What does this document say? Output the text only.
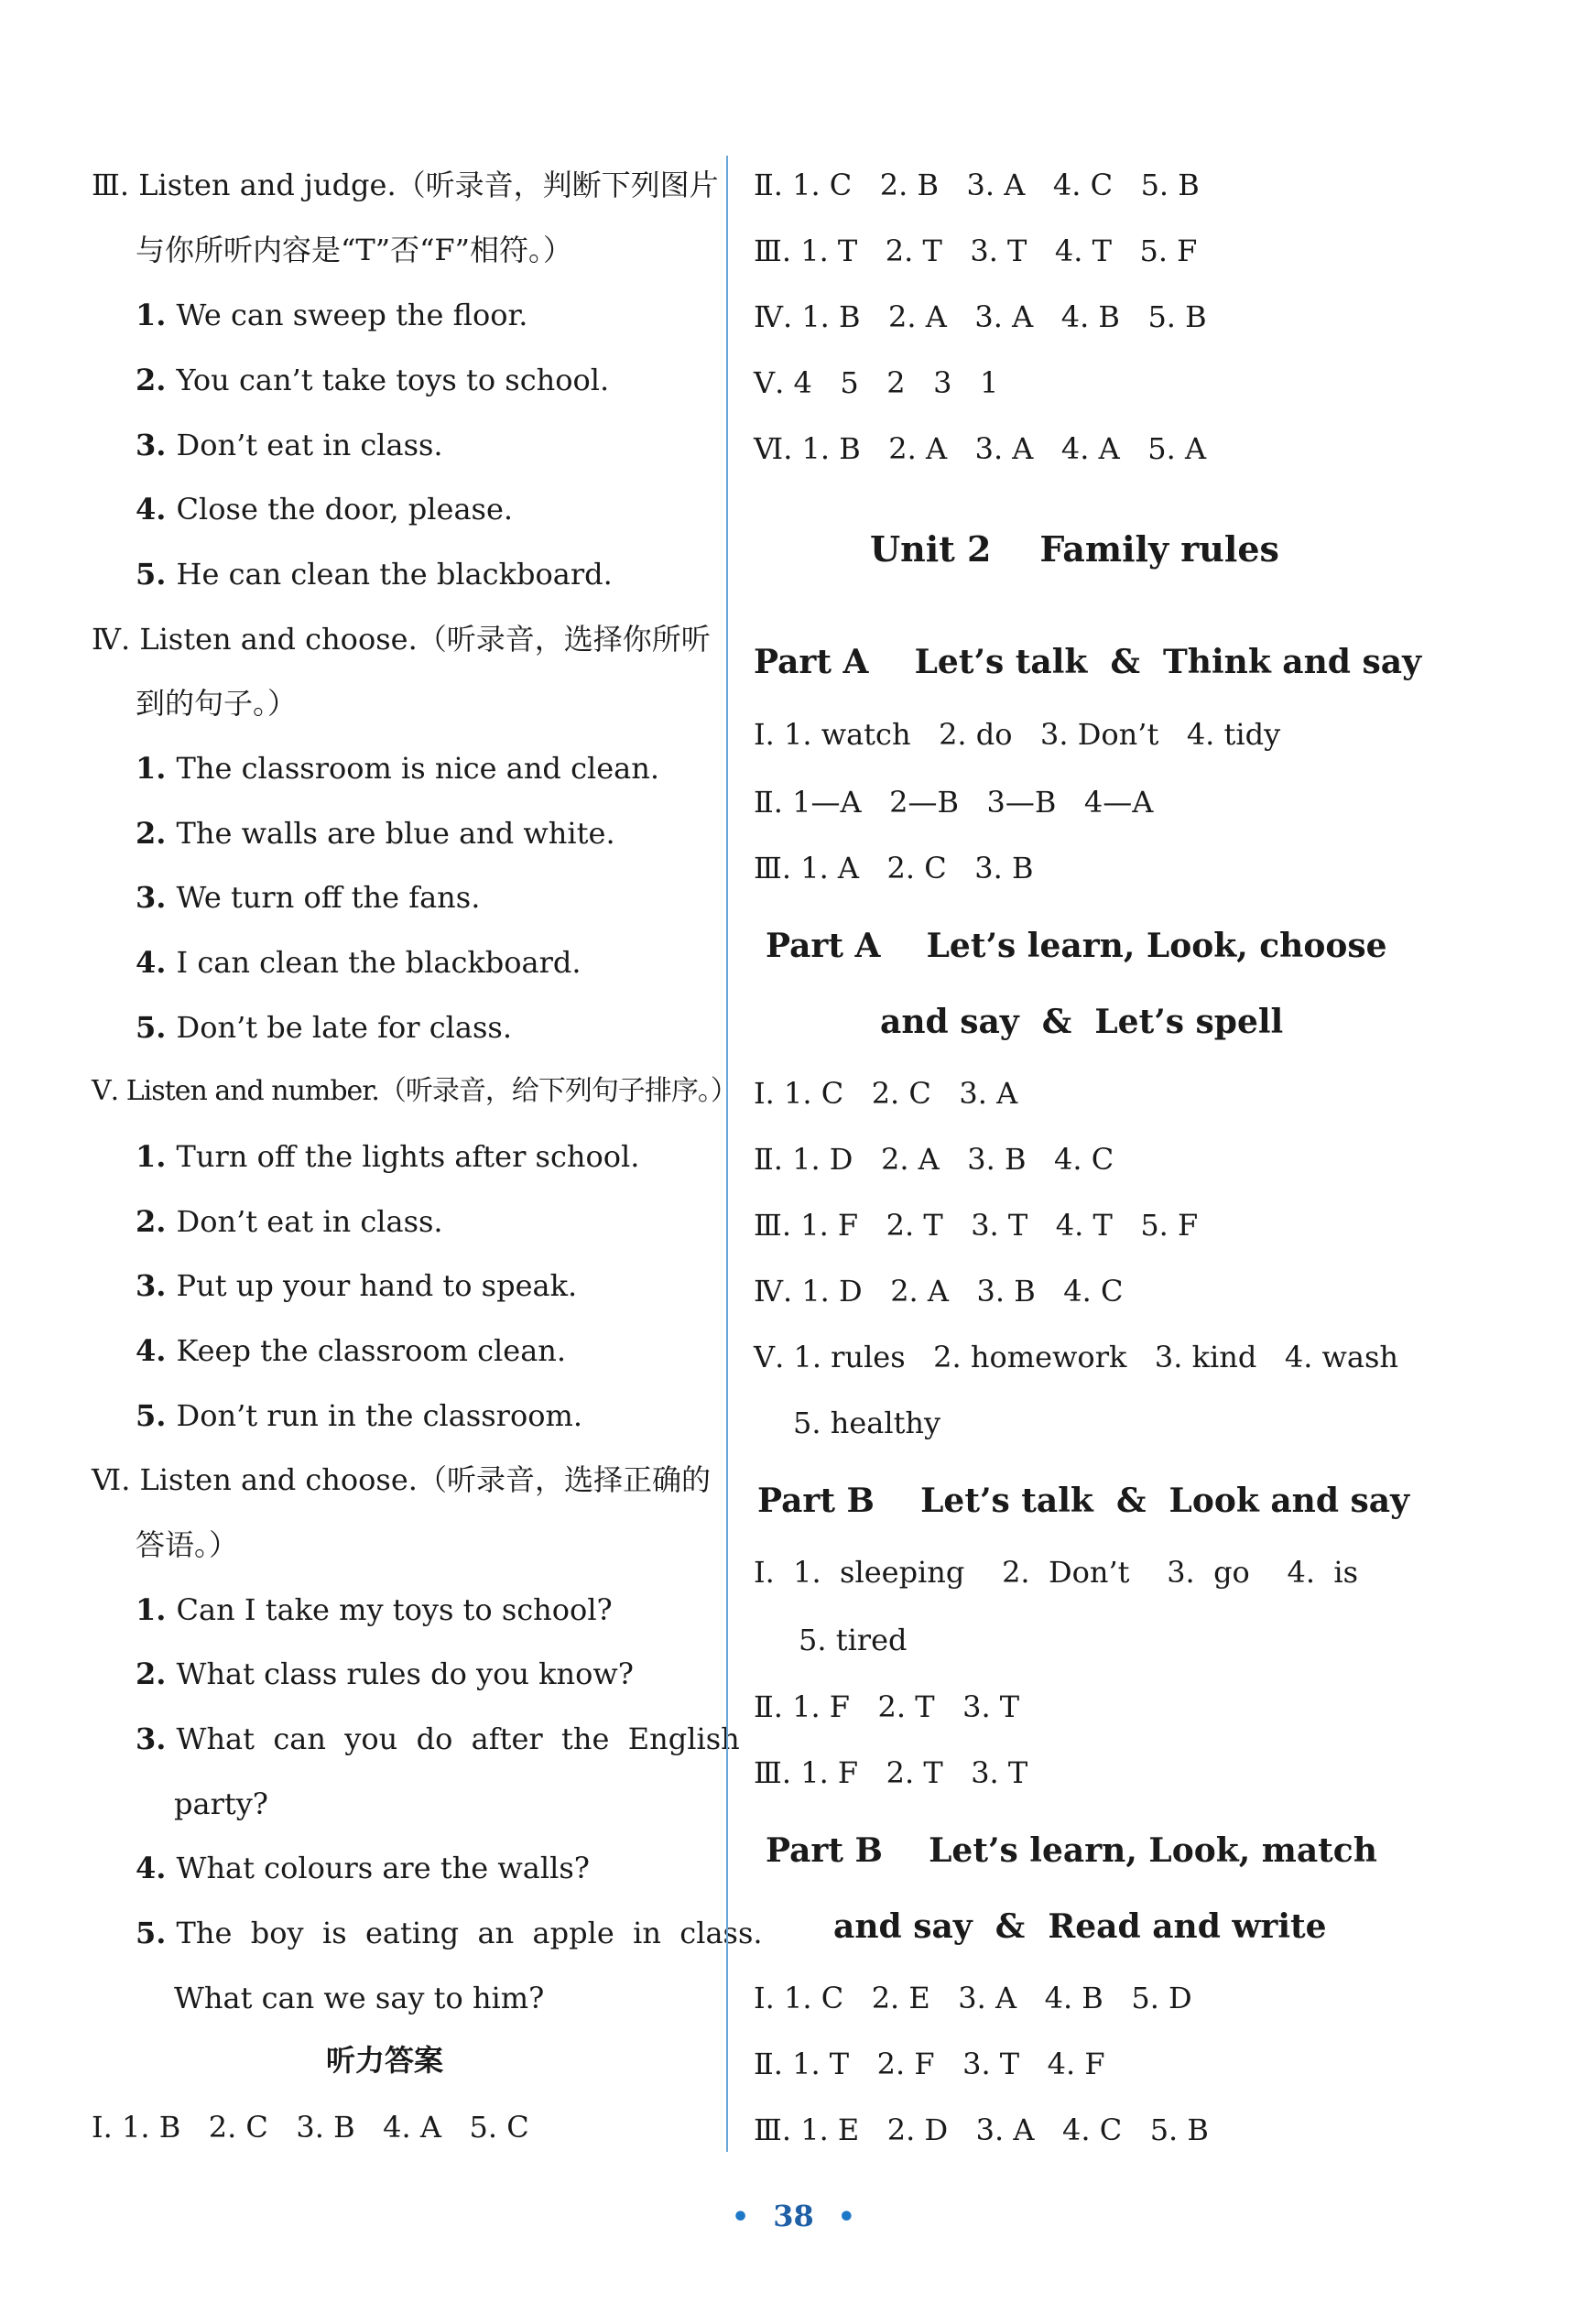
Ⅲ. Listen and judge.（听录音，判断下列图片
与你所听内容是“T”否“F”相符。）
1. We can sweep the floor.
2. You can’t take toys to school.
3. Don’t eat in class.
4. Close the door, please.
5. He can clean the blackboard.
Ⅳ. Listen and choose.（听录音，选择你所听
到的句子。）
1. The classroom is nice and clean.
2. The walls are blue and white.
3. We turn off the fans.
4. I can clean the blackboard.
5. Don’t be late for class.
Ⅴ. Listen and number.（听录音，给下列句子排序。）
1. Turn off the lights after school.
2. Don’t eat in class.
3. Put up your hand to speak.
4. Keep the classroom clean.
5. Don’t run in the classroom.
Ⅵ. Listen and choose.（听录音，选择正确的
答语。）
1. Can I take my toys to school?
2. What class rules do you know?
3. What  can  you  do  after  the  English
party?
4. What colours are the walls?
5. The  boy  is  eating  an  apple  in  class.
What can we say to him?
听力答案
Ⅰ. 1. B   2. C   3. B   4. A   5. C
Ⅱ. 1. C   2. B   3. A   4. C   5. B
Ⅲ. 1. T   2. T   3. T   4. T   5. F
Ⅳ. 1. B   2. A   3. A   4. B   5. B
Ⅴ. 4   5   2   3   1
Ⅵ. 1. B   2. A   3. A   4. A   5. A
Unit 2    Family rules
Part A    Let’s talk  &  Think and say
Ⅰ. 1. watch   2. do   3. Don’t   4. tidy
Ⅱ. 1—A   2—B   3—B   4—A
Ⅲ. 1. A   2. C   3. B
Part A    Let’s learn, Look, choose
and say  &  Let’s spell
Ⅰ. 1. C   2. C   3. A
Ⅱ. 1. D   2. A   3. B   4. C
Ⅲ. 1. F   2. T   3. T   4. T   5. F
Ⅳ. 1. D   2. A   3. B   4. C
Ⅴ. 1. rules   2. homework   3. kind   4. wash
5. healthy
Part B    Let’s talk  &  Look and say
Ⅰ.  1.  sleeping    2.  Don’t    3.  go    4.  is
5. tired
Ⅱ. 1. F   2. T   3. T
Ⅲ. 1. F   2. T   3. T
Part B    Let’s learn, Look, match
and say  &  Read and write
Ⅰ. 1. C   2. E   3. A   4. B   5. D
Ⅱ. 1. T   2. F   3. T   4. F
Ⅲ. 1. E   2. D   3. A   4. C   5. B
• 38 •
